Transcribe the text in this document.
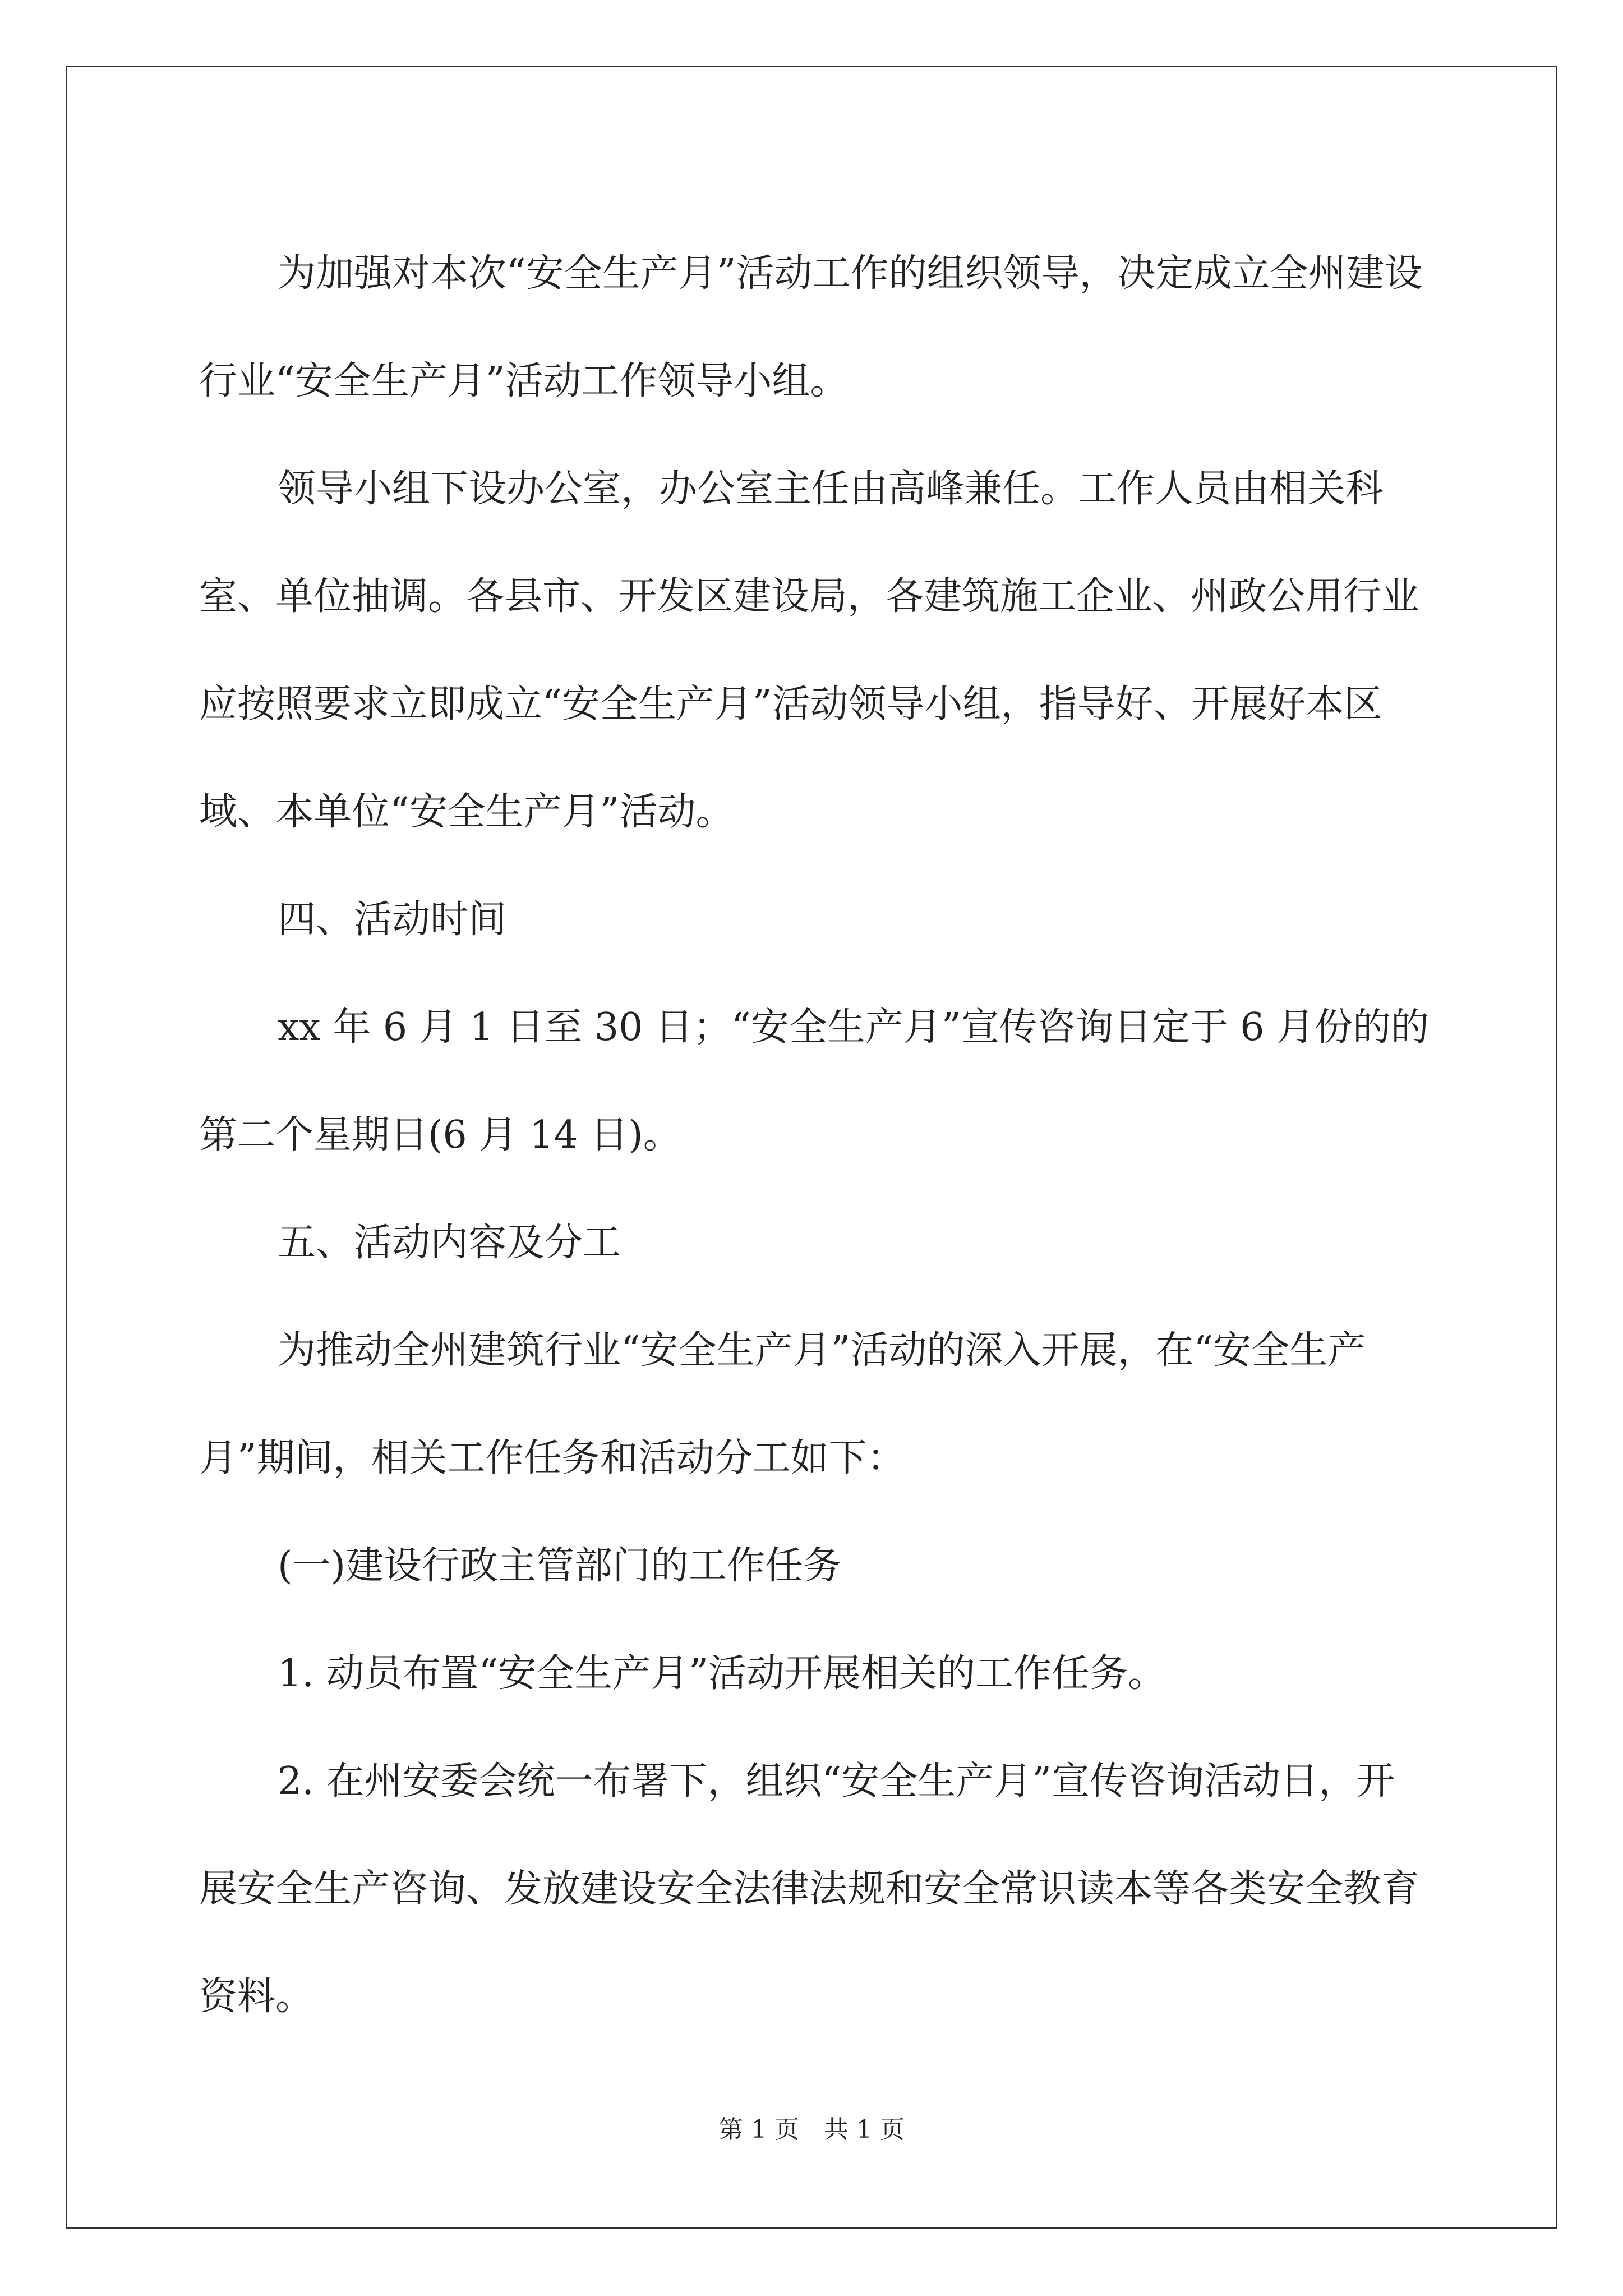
为加强对本次“安全生产月”活动工作的组织领导，决定成立全州建设行业“安全生产月”活动工作领导小组。

领导小组下设办公室，办公室主任由高峰兼任。工作人员由相关科室、单位抽调。各县市、开发区建设局，各建筑施工企业、州政公用行业应按照要求立即成立“安全生产月”活动领导小组，指导好、开展好本区域、本单位“安全生产月”活动。

四、活动时间

xx 年 6 月 1 日至 30 日；“安全生产月”宣传咨询日定于 6 月份的的第二个星期日(6 月 14 日)。

五、活动内容及分工

为推动全州建筑行业“安全生产月”活动的深入开展，在“安全生产月”期间，相关工作任务和活动分工如下：

(一)建设行政主管部门的工作任务

1. 动员布置“安全生产月”活动开展相关的工作任务。

2. 在州安委会统一布署下，组织“安全生产月”宣传咨询活动日，开展安全生产咨询、发放建设安全法律法规和安全常识读本等各类安全教育资料。

第 1 页　共 1 页
